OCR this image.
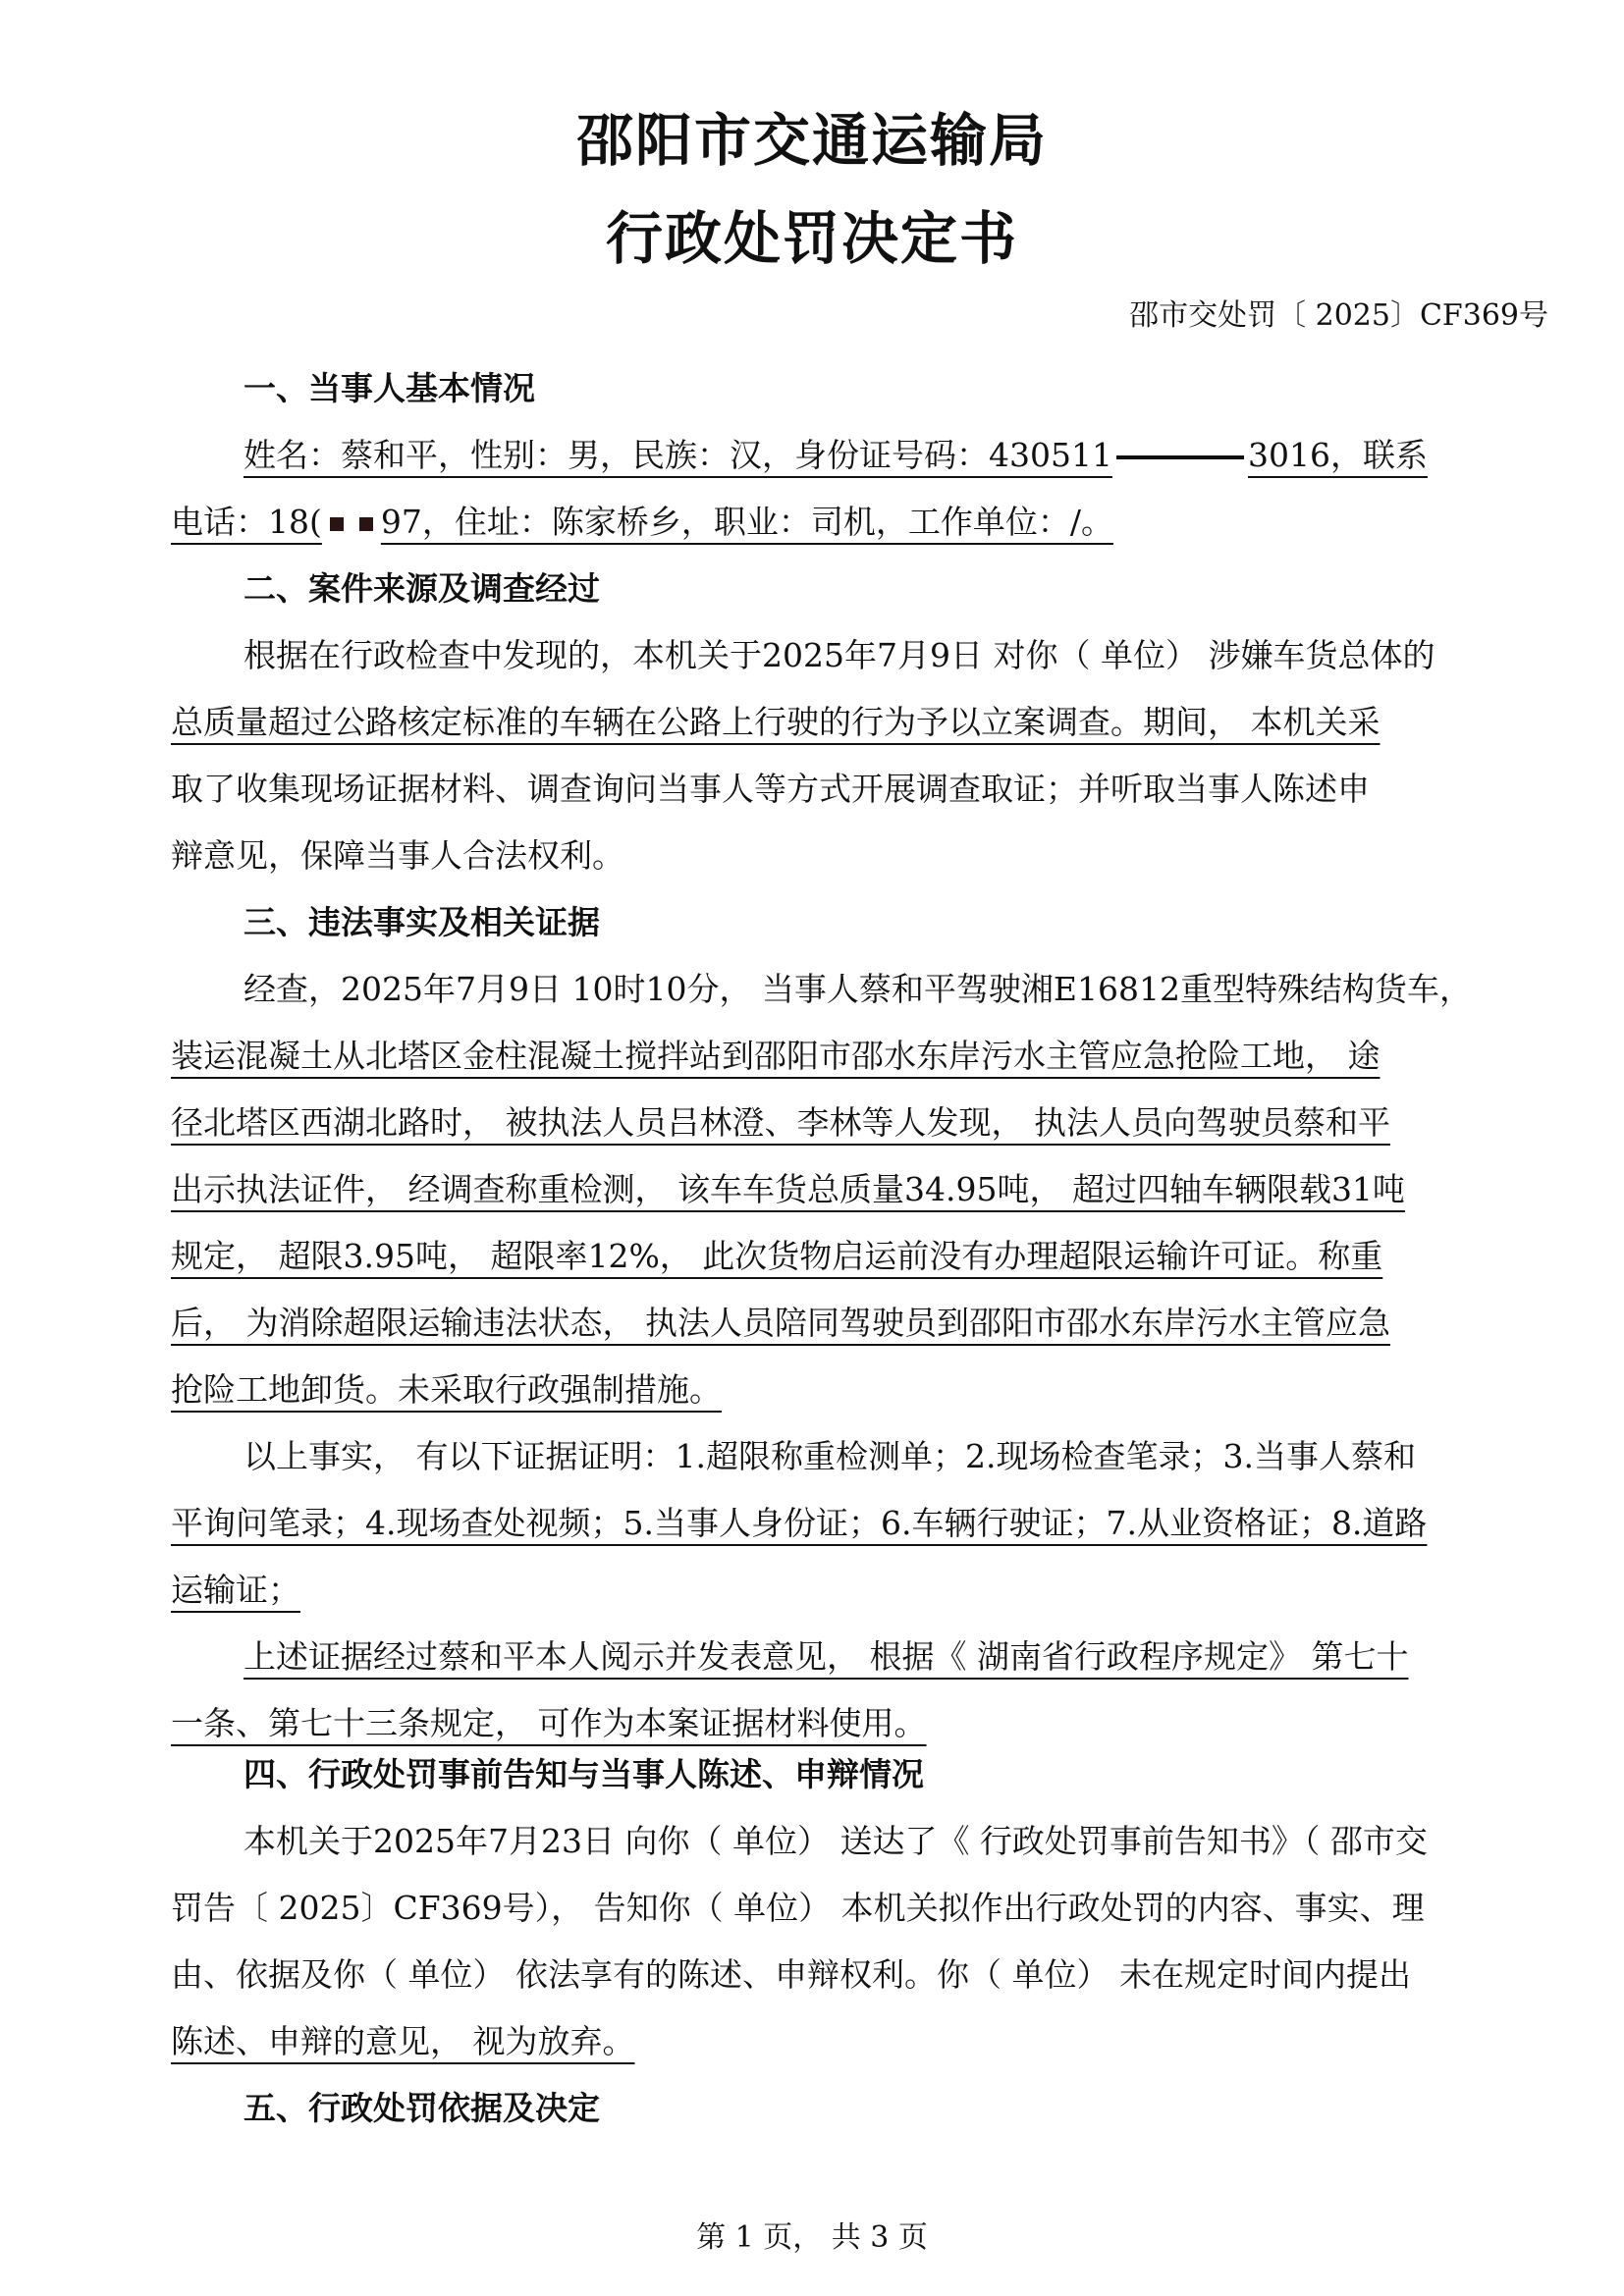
邵阳市交通运输局
行政处罚决定书
邵市交处罚〔 2025〕CF369号
一、当事人基本情况
姓名：蔡和平，性别：男，民族：汉，身份证号码：430511	3016，联系
电话：18( 97，住址：陈家桥乡，职业：司机，工作单位：/。
二、案件来源及调查经过
根据在行政检查中发现的，本机关于2025年7月9日 对你（ 单位） 涉嫌车货总体的
总质量超过公路核定标准的车辆在公路上行驶的行为予以立案调查。期间， 本机关采
取了收集现场证据材料、调查询问当事人等方式开展调查取证；并听取当事人陈述申
辩意见，保障当事人合法权利。
三、违法事实及相关证据
经查，2025年7月9日 10时10分， 当事人蔡和平驾驶湘E16812重型特殊结构货车，
装运混凝土从北塔区金柱混凝土搅拌站到邵阳市邵水东岸污水主管应急抢险工地， 途
径北塔区西湖北路时， 被执法人员吕林澄、李林等人发现， 执法人员向驾驶员蔡和平
出示执法证件， 经调查称重检测， 该车车货总质量34.95吨， 超过四轴车辆限载31吨
规定， 超限3.95吨， 超限率12%， 此次货物启运前没有办理超限运输许可证。称重
后， 为消除超限运输违法状态， 执法人员陪同驾驶员到邵阳市邵水东岸污水主管应急
抢险工地卸货。未采取行政强制措施。
以上事实， 有以下证据证明：1.超限称重检测单；2.现场检查笔录；3.当事人蔡和
平询问笔录；4.现场查处视频；5.当事人身份证；6.车辆行驶证；7.从业资格证；8.道路
运输证；
上述证据经过蔡和平本人阅示并发表意见， 根据《 湖南省行政程序规定》 第七十
一条、第七十三条规定， 可作为本案证据材料使用。
四、行政处罚事前告知与当事人陈述、申辩情况
本机关于2025年7月23日 向你（ 单位） 送达了《 行政处罚事前告知书》（ 邵市交
罚告〔 2025〕CF369号）， 告知你（ 单位） 本机关拟作出行政处罚的内容、事实、理
由、依据及你（ 单位） 依法享有的陈述、申辩权利。你（ 单位） 未在规定时间内提出
陈述、申辩的意见， 视为放弃。
五、行政处罚依据及决定
第 1 页， 共 3 页
